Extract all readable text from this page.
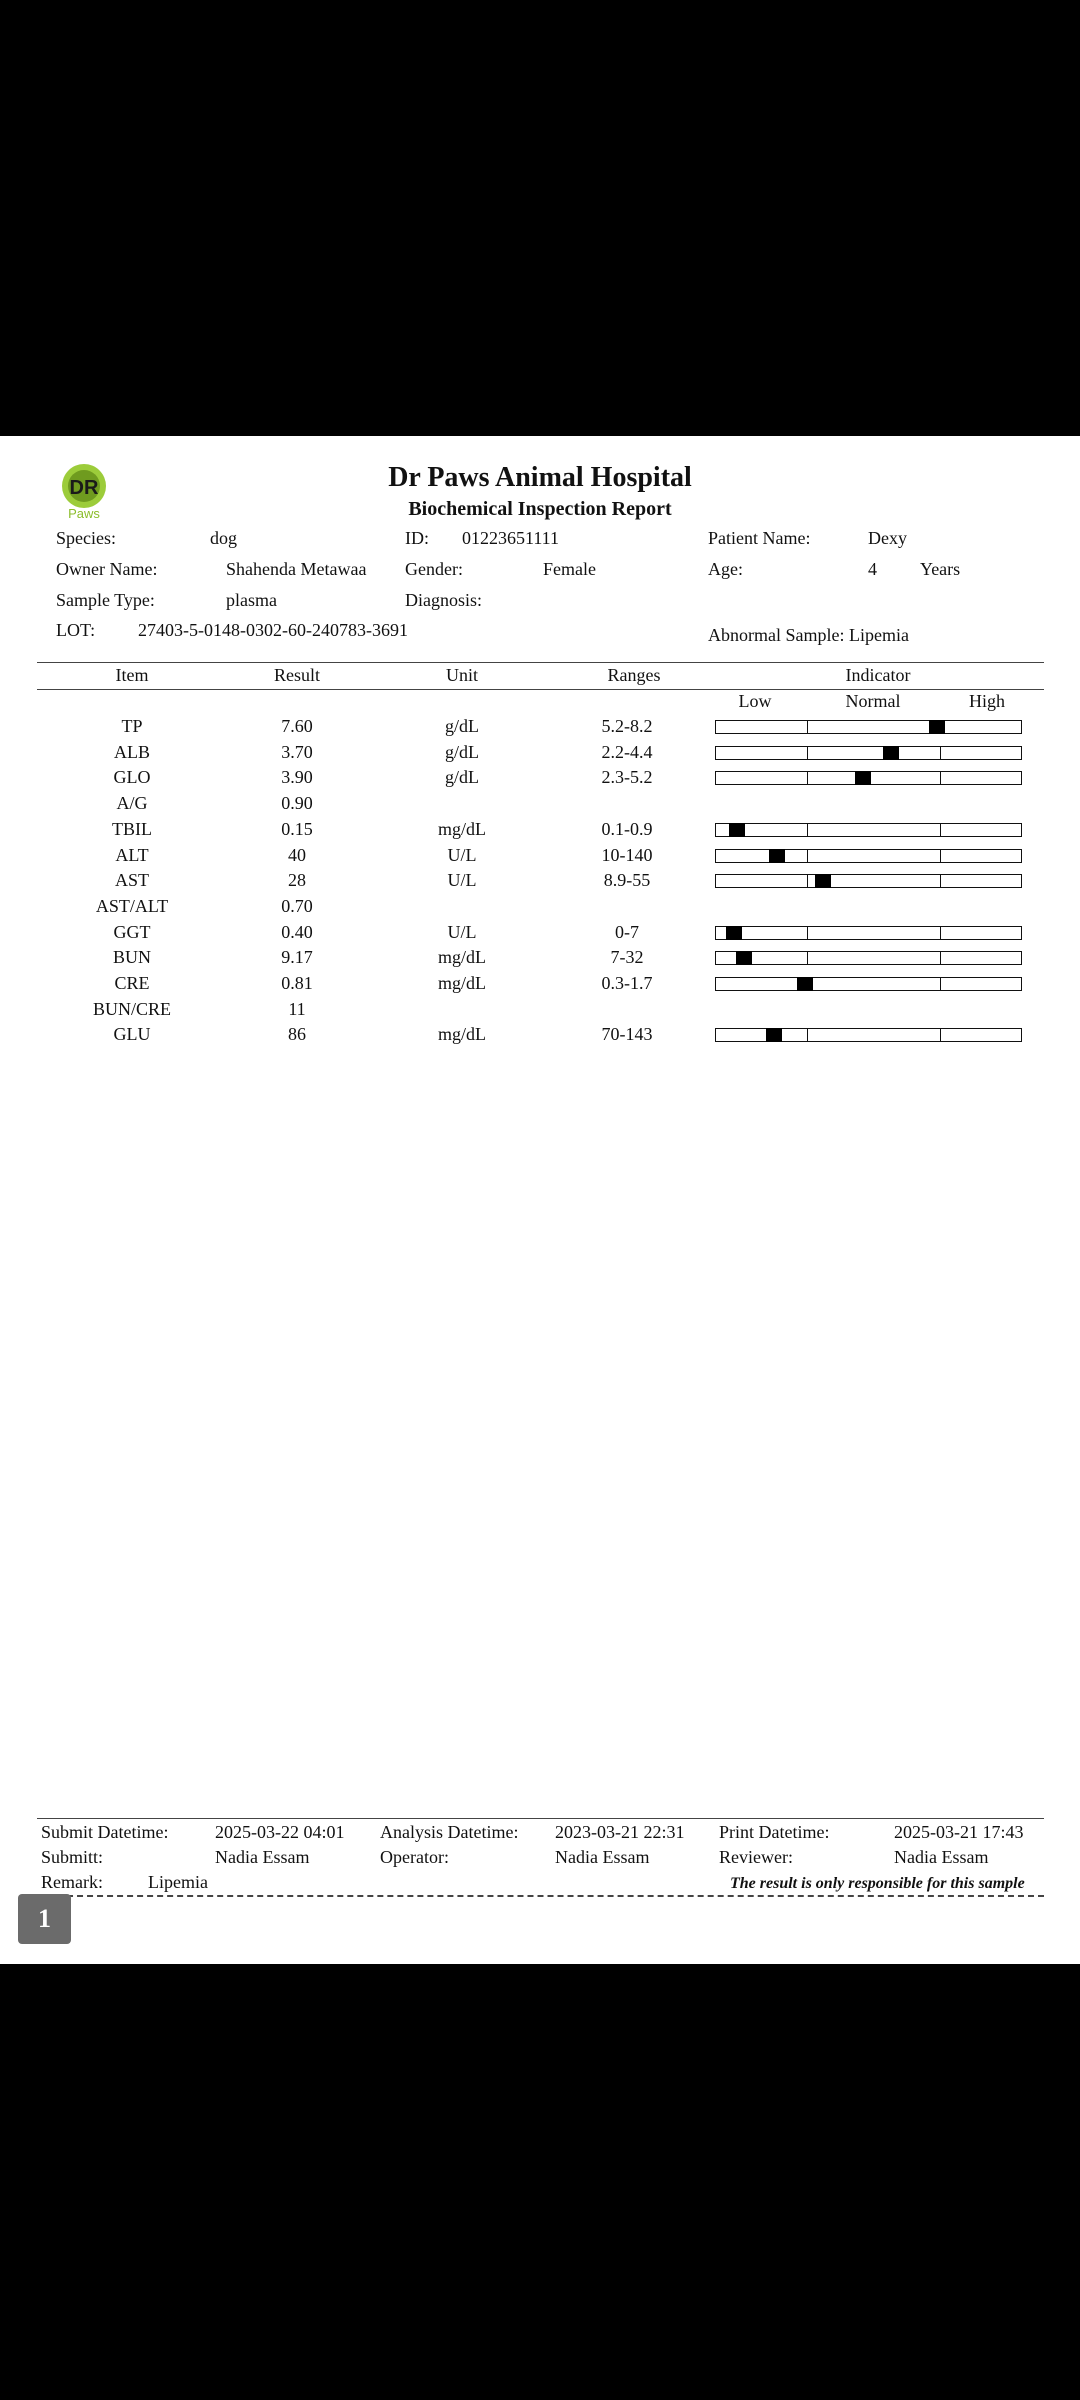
DR
Paws
Dr Paws Animal Hospital
Biochemical Inspection Report
Species:	dog	ID: 01223651111	Patient Name:	Dexy
Owner Name:	Shahenda Metawaa Gender:	Female	Age:	4 Years
Sample Type:	plasma	Diagnosis:
LOT: 27403-5-0148-0302-60-240783-3691	Abnormal Sample: Lipemia
Item	Result	Unit	Ranges	Indicator
Low	Normal	High
TP	7.60	g/dL	5.2-8.2
ALB	3.70	g/dL	2.2-4.4
GLO	3.90	g/dL	2.3-5.2
A/G	0.90
TBIL	0.15	mg/dL	0.1-0.9
ALT	40	U/L	10-140
AST	28	U/L	8.9-55
AST/ALT	0.70
GGT	0.40	U/L	0-7
BUN	9.17	mg/dL	7-32
CRE	0.81	mg/dL	0.3-1.7
BUN/CRE	11
GLU	86	mg/dL	70-143
Submit Datetime:	2025-03-22 04:01 Analysis Datetime: 2023-03-21 22:31 Print Datetime:	2025-03-21 17:43
Submitt:	Nadia Essam	Operator:	Nadia Essam	Reviewer:	Nadia Essam
Remark:	Lipemia	The result is only responsible for this sample
1
